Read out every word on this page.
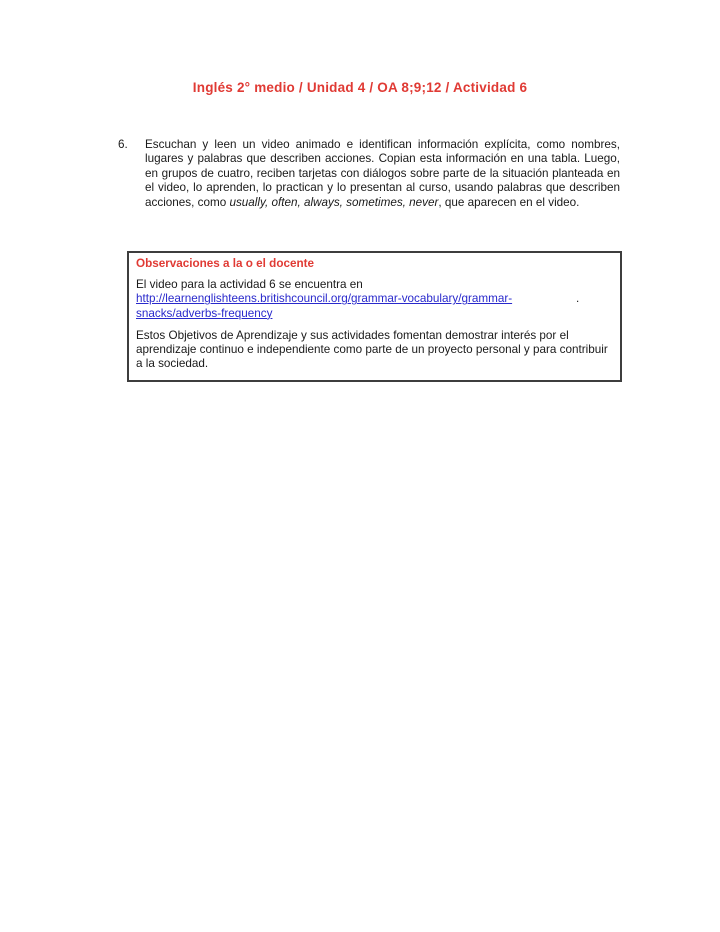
Inglés 2° medio / Unidad 4 / OA 8;9;12 / Actividad 6
6. Escuchan y leen un video animado e identifican información explícita, como nombres, lugares y palabras que describen acciones. Copian esta información en una tabla. Luego, en grupos de cuatro, reciben tarjetas con diálogos sobre parte de la situación planteada en el video, lo aprenden, lo practican y lo presentan al curso, usando palabras que describen acciones, como usually, often, always, sometimes, never, que aparecen en el video.

Observaciones a la o el docente

El video para la actividad 6 se encuentra en

http://learnenglishteens.britishcouncil.org/grammar-vocabulary/grammar-snacks/adverbs-frequency.

Estos Objetivos de Aprendizaje y sus actividades fomentan demostrar interés por el aprendizaje continuo e independiente como parte de un proyecto personal y para contribuir a la sociedad.
